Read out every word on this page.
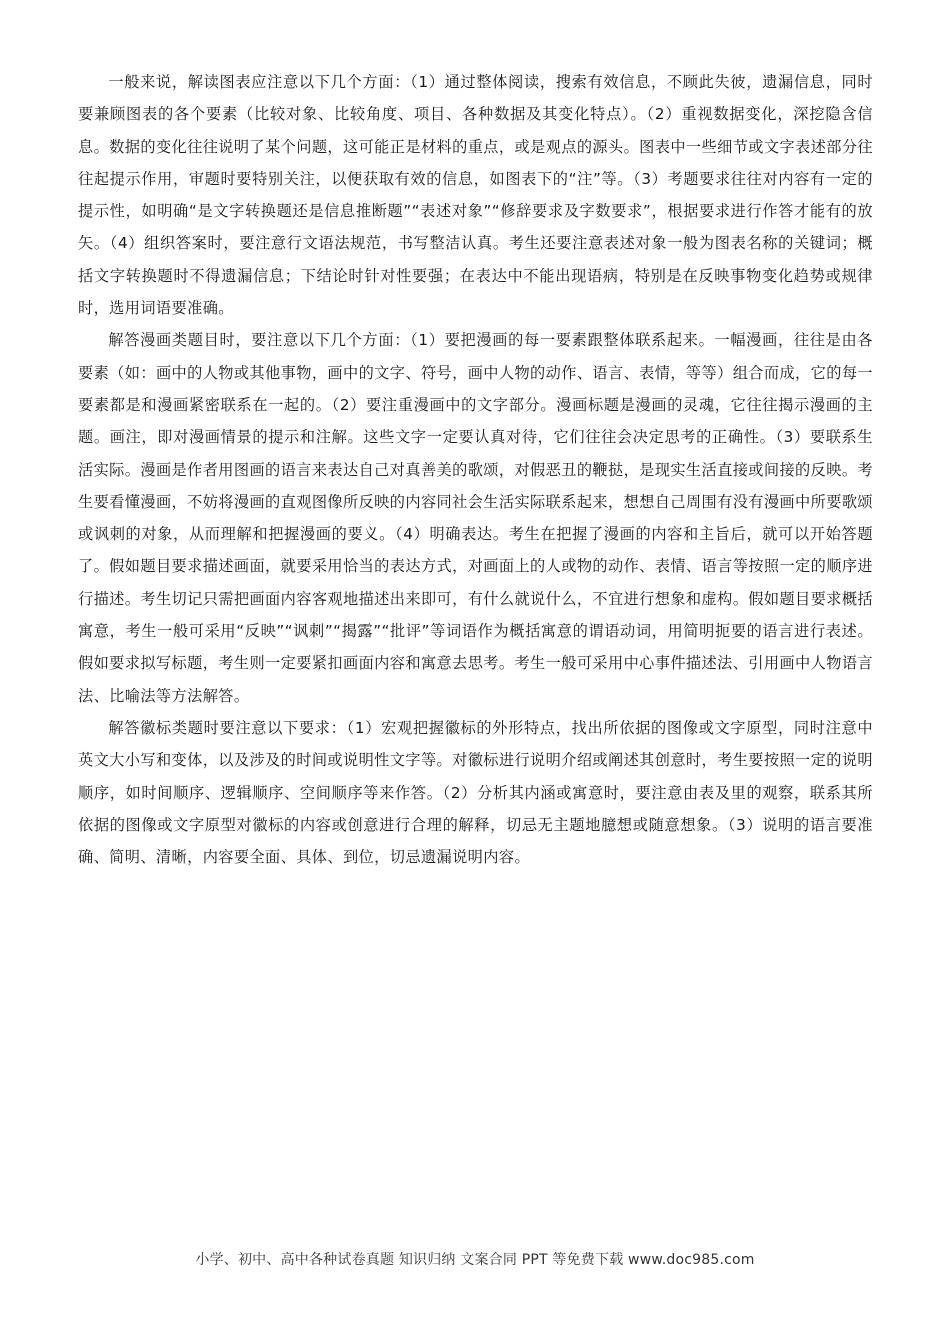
一般来说，解读图表应注意以下几个方面：（1）通过整体阅读，搜索有效信息，不顾此失彼，遗漏信息，同时要兼顾图表的各个要素（比较对象、比较角度、项目、各种数据及其变化特点）。（2）重视数据变化，深挖隐含信息。数据的变化往往说明了某个问题，这可能正是材料的重点，或是观点的源头。图表中一些细节或文字表述部分往往起提示作用，审题时要特别关注，以便获取有效的信息，如图表下的“注”等。（3）考题要求往往对内容有一定的提示性，如明确“是文字转换题还是信息推断题”“表述对象”“修辞要求及字数要求”，根据要求进行作答才能有的放矢。（4）组织答案时，要注意行文语法规范，书写整洁认真。考生还要注意表述对象一般为图表名称的关键词；概括文字转换题时不得遗漏信息；下结论时针对性要强；在表达中不能出现语病，特别是在反映事物变化趋势或规律时，选用词语要准确。

解答漫画类题目时，要注意以下几个方面：（1）要把漫画的每一要素跟整体联系起来。一幅漫画，往往是由各要素（如：画中的人物或其他事物，画中的文字、符号，画中人物的动作、语言、表情，等等）组合而成，它的每一要素都是和漫画紧密联系在一起的。（2）要注重漫画中的文字部分。漫画标题是漫画的灵魂，它往往揭示漫画的主题。画注，即对漫画情景的提示和注解。这些文字一定要认真对待，它们往往会决定思考的正确性。（3）要联系生活实际。漫画是作者用图画的语言来表达自己对真善美的歌颂，对假恶丑的鞭挞，是现实生活直接或间接的反映。考生要看懂漫画，不妨将漫画的直观图像所反映的内容同社会生活实际联系起来，想想自己周围有没有漫画中所要歌颂或讽刺的对象，从而理解和把握漫画的要义。（4）明确表达。考生在把握了漫画的内容和主旨后，就可以开始答题了。假如题目要求描述画面，就要采用恰当的表达方式，对画面上的人或物的动作、表情、语言等按照一定的顺序进行描述。考生切记只需把画面内容客观地描述出来即可，有什么就说什么，不宜进行想象和虚构。假如题目要求概括寓意，考生一般可采用“反映”“讽刺”“揭露”“批评”等词语作为概括寓意的谓语动词，用简明扼要的语言进行表述。假如要求拟写标题，考生则一定要紧扣画面内容和寓意去思考。考生一般可采用中心事件描述法、引用画中人物语言法、比喻法等方法解答。

解答徽标类题时要注意以下要求：（1）宏观把握徽标的外形特点，找出所依据的图像或文字原型，同时注意中英文大小写和变体，以及涉及的时间或说明性文字等。对徽标进行说明介绍或阐述其创意时，考生要按照一定的说明顺序，如时间顺序、逻辑顺序、空间顺序等来作答。（2）分析其内涵或寓意时，要注意由表及里的观察，联系其所依据的图像或文字原型对徽标的内容或创意进行合理的解释，切忌无主题地臆想或随意想象。（3）说明的语言要准确、简明、清晰，内容要全面、具体、到位，切忌遗漏说明内容。

小学、初中、高中各种试卷真题 知识归纳 文案合同 PPT 等免费下载 www.doc985.com
